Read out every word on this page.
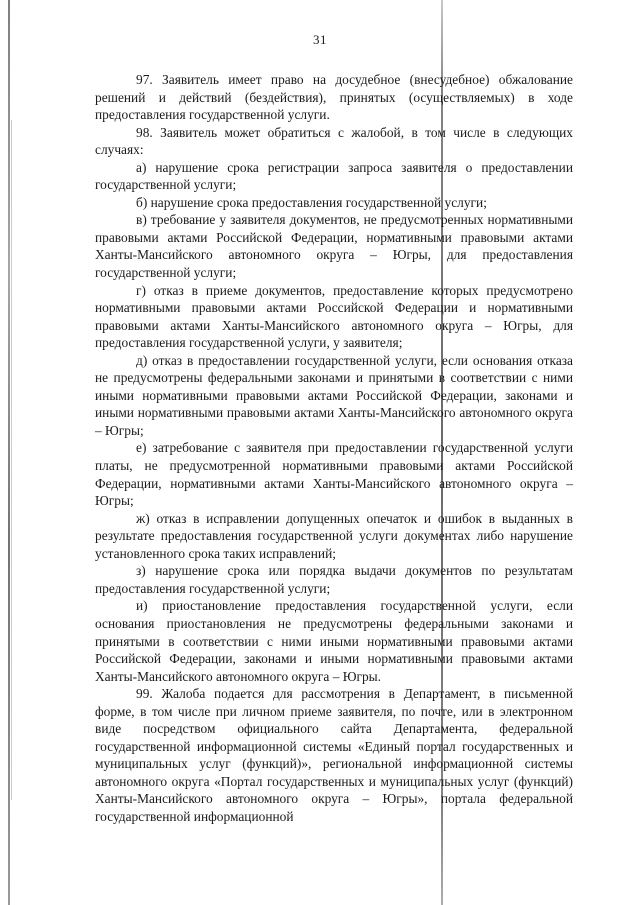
31

97. Заявитель имеет право на досудебное (внесудебное) обжалование решений и действий (бездействия), принятых (осуществляемых) в ходе предоставления государственной услуги.

98. Заявитель может обратиться с жалобой, в том числе в следующих случаях:

а) нарушение срока регистрации запроса заявителя о предоставлении государственной услуги;

б) нарушение срока предоставления государственной услуги;

в) требование у заявителя документов, не предусмотренных нормативными правовыми актами Российской Федерации, нормативными правовыми актами Ханты-Мансийского автономного округа – Югры, для предоставления государственной услуги;

г) отказ в приеме документов, предоставление которых предусмотрено нормативными правовыми актами Российской Федерации и нормативными правовыми актами Ханты-Мансийского автономного округа – Югры, для предоставления государственной услуги, у заявителя;

д) отказ в предоставлении государственной услуги, если основания отказа не предусмотрены федеральными законами и принятыми в соответствии с ними иными нормативными правовыми актами Российской Федерации, законами и иными нормативными правовыми актами Ханты-Мансийского автономного округа – Югры;

е) затребование с заявителя при предоставлении государственной услуги платы, не предусмотренной нормативными правовыми актами Российской Федерации, нормативными актами Ханты-Мансийского автономного округа – Югры;

ж) отказ в исправлении допущенных опечаток и ошибок в выданных в результате предоставления государственной услуги документах либо нарушение установленного срока таких исправлений;

з) нарушение срока или порядка выдачи документов по результатам предоставления государственной услуги;

и) приостановление предоставления государственной услуги, если основания приостановления не предусмотрены федеральными законами и принятыми в соответствии с ними иными нормативными правовыми актами Российской Федерации, законами и иными нормативными правовыми актами Ханты-Мансийского автономного округа – Югры.

99. Жалоба подается для рассмотрения в Департамент, в письменной форме, в том числе при личном приеме заявителя, по почте, или в электронном виде посредством официального сайта Департамента, федеральной государственной информационной системы «Единый портал государственных и муниципальных услуг (функций)», региональной информационной системы автономного округа «Портал государственных и муниципальных услуг (функций) Ханты-Мансийского автономного округа – Югры», портала федеральной государственной информационной
